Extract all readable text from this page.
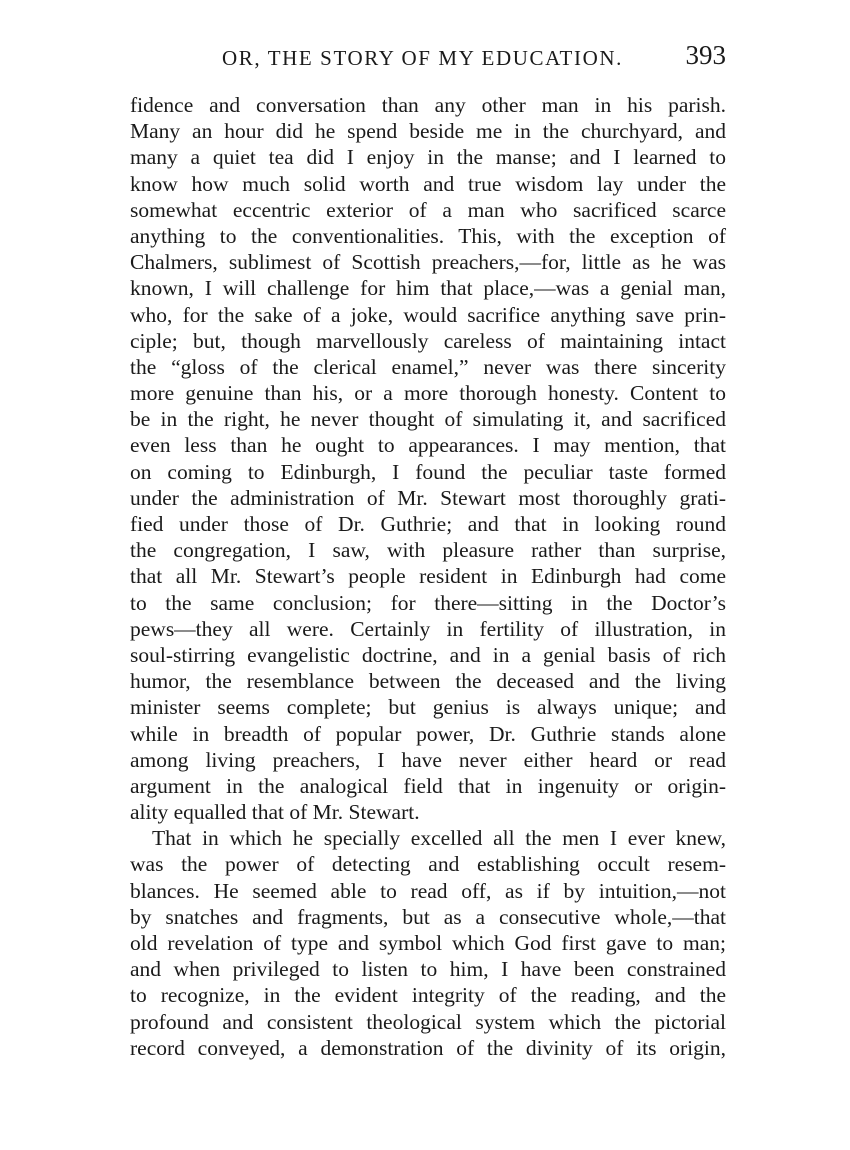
OR, THE STORY OF MY EDUCATION. 393
fidence and conversation than any other man in his parish.
Many an hour did he spend beside me in the churchyard, and
many a quiet tea did I enjoy in the manse; and I learned to
know how much solid worth and true wisdom lay under the
somewhat eccentric exterior of a man who sacrificed scarce
anything to the conventionalities. This, with the exception of
Chalmers, sublimest of Scottish preachers,—for, little as he was
known, I will challenge for him that place,—was a genial man,
who, for the sake of a joke, would sacrifice anything save prin-
ciple; but, though marvellously careless of maintaining intact
the “gloss of the clerical enamel,” never was there sincerity
more genuine than his, or a more thorough honesty. Content to
be in the right, he never thought of simulating it, and sacrificed
even less than he ought to appearances. I may mention, that
on coming to Edinburgh, I found the peculiar taste formed
under the administration of Mr. Stewart most thoroughly grati-
fied under those of Dr. Guthrie; and that in looking round
the congregation, I saw, with pleasure rather than surprise,
that all Mr. Stewart’s people resident in Edinburgh had come
to the same conclusion; for there—sitting in the Doctor’s
pews—they all were. Certainly in fertility of illustration, in
soul-stirring evangelistic doctrine, and in a genial basis of rich
humor, the resemblance between the deceased and the living
minister seems complete; but genius is always unique; and
while in breadth of popular power, Dr. Guthrie stands alone
among living preachers, I have never either heard or read
argument in the analogical field that in ingenuity or origin-
ality equalled that of Mr. Stewart.
That in which he specially excelled all the men I ever knew,
was the power of detecting and establishing occult resem-
blances. He seemed able to read off, as if by intuition,—not
by snatches and fragments, but as a consecutive whole,—that
old revelation of type and symbol which God first gave to man;
and when privileged to listen to him, I have been constrained
to recognize, in the evident integrity of the reading, and the
profound and consistent theological system which the pictorial
record conveyed, a demonstration of the divinity of its origin,
